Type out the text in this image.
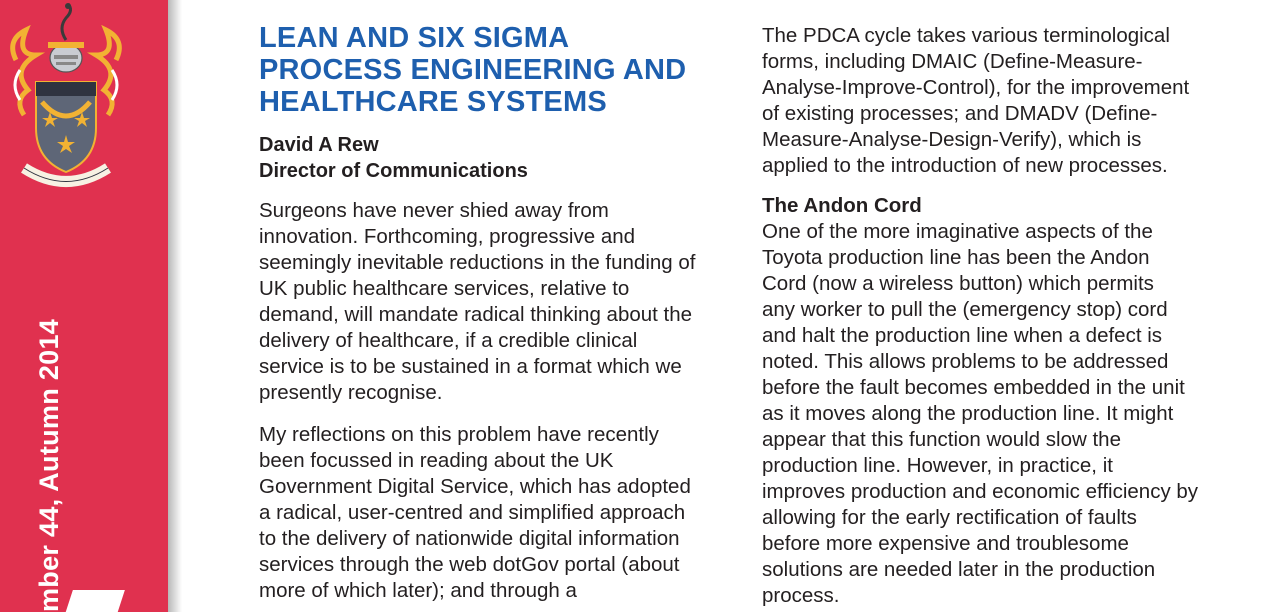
mber 44, Autumn 2014
LEAN AND SIX SIGMA
PROCESS ENGINEERING AND
HEALTHCARE SYSTEMS
David A Rew
Director of Communications

Surgeons have never shied away from
innovation. Forthcoming, progressive and
seemingly inevitable reductions in the funding of
UK public healthcare services, relative to
demand, will mandate radical thinking about the
delivery of healthcare, if a credible clinical
service is to be sustained in a format which we
presently recognise.

My reflections on this problem have recently
been focussed in reading about the UK
Government Digital Service, which has adopted
a radical, user-centred and simplified approach
to the delivery of nationwide digital information
services through the web dotGov portal (about
more of which later); and through a

The PDCA cycle takes various terminological
forms, including DMAIC (Define-Measure-
Analyse-Improve-Control), for the improvement
of existing processes; and DMADV (Define-
Measure-Analyse-Design-Verify), which is
applied to the introduction of new processes.

The Andon Cord

One of the more imaginative aspects of the
Toyota production line has been the Andon
Cord (now a wireless button) which permits
any worker to pull the (emergency stop) cord
and halt the production line when a defect is
noted. This allows problems to be addressed
before the fault becomes embedded in the unit
as it moves along the production line. It might
appear that this function would slow the
production line. However, in practice, it
improves production and economic efficiency by
allowing for the early rectification of faults
before more expensive and troublesome
solutions are needed later in the production
process.
